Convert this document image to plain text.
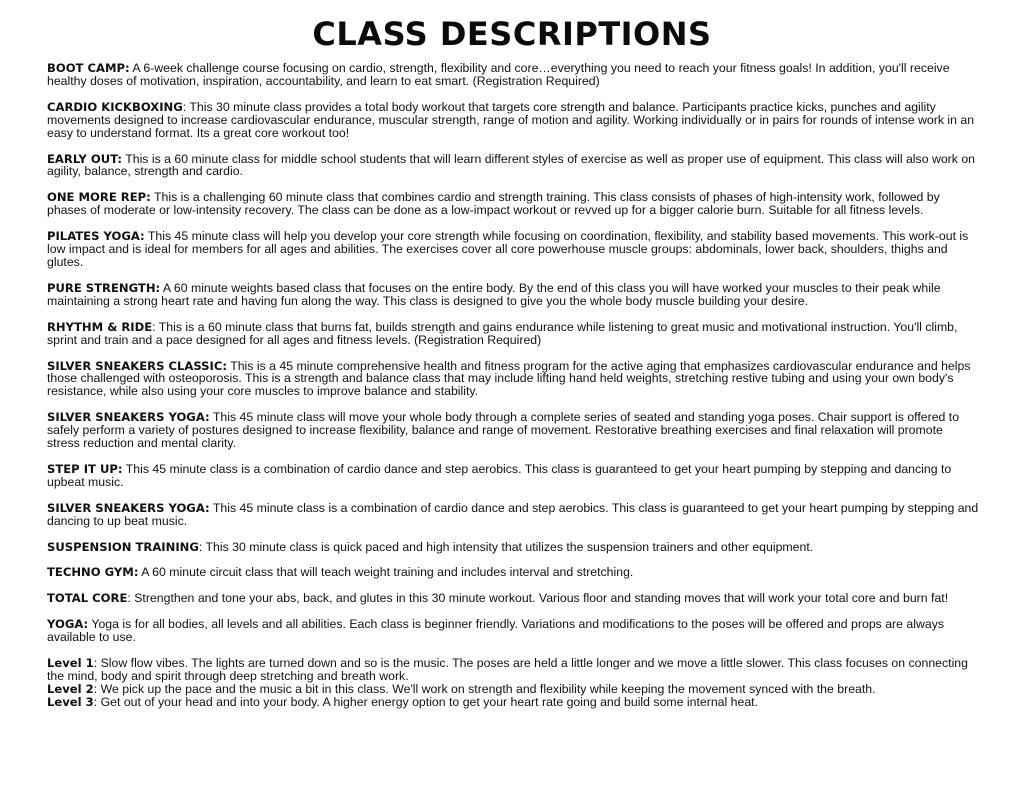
CLASS DESCRIPTIONS

BOOT CAMP: A 6-week challenge course focusing on cardio, strength, flexibility and core…everything you need to reach your fitness goals! In addition, you'll receive healthy doses of motivation, inspiration, accountability, and learn to eat smart. (Registration Required)

CARDIO KICKBOXING: This 30 minute class provides a total body workout that targets core strength and balance. Participants practice kicks, punches and agility movements designed to increase cardiovascular endurance, muscular strength, range of motion and agility. Working individually or in pairs for rounds of intense work in an easy to understand format. Its a great core workout too!

EARLY OUT: This is a 60 minute class for middle school students that will learn different styles of exercise as well as proper use of equipment. This class will also work on agility, balance, strength and cardio.

ONE MORE REP: This is a challenging 60 minute class that combines cardio and strength training. This class consists of phases of high-intensity work, followed by phases of moderate or low-intensity recovery. The class can be done as a low-impact workout or revved up for a bigger calorie burn. Suitable for all fitness levels.

PILATES YOGA: This 45 minute class will help you develop your core strength while focusing on coordination, flexibility, and stability based movements. This work-out is low impact and is ideal for members for all ages and abilities. The exercises cover all core powerhouse muscle groups: abdominals, lower back, shoulders, thighs and glutes.

PURE STRENGTH: A 60 minute weights based class that focuses on the entire body. By the end of this class you will have worked your muscles to their peak while maintaining a strong heart rate and having fun along the way. This class is designed to give you the whole body muscle building your desire.

RHYTHM & RIDE: This is a 60 minute class that burns fat, builds strength and gains endurance while listening to great music and motivational instruction. You'll climb, sprint and train and a pace designed for all ages and fitness levels. (Registration Required)

SILVER SNEAKERS CLASSIC: This is a 45 minute comprehensive health and fitness program for the active aging that emphasizes cardiovascular endurance and helps those challenged with osteoporosis. This is a strength and balance class that may include lifting hand held weights, stretching restive tubing and using your own body's resistance, while also using your core muscles to improve balance and stability.

SILVER SNEAKERS YOGA: This 45 minute class will move your whole body through a complete series of seated and standing yoga poses. Chair support is offered to safely perform a variety of postures designed to increase flexibility, balance and range of movement. Restorative breathing exercises and final relaxation will promote stress reduction and mental clarity.

STEP IT UP: This 45 minute class is a combination of cardio dance and step aerobics. This class is guaranteed to get your heart pumping by stepping and dancing to upbeat music.

SILVER SNEAKERS YOGA: This 45 minute class is a combination of cardio dance and step aerobics. This class is guaranteed to get your heart pumping by stepping and dancing to up beat music.

SUSPENSION TRAINING: This 30 minute class is quick paced and high intensity that utilizes the suspension trainers and other equipment.

TECHNO GYM: A 60 minute circuit class that will teach weight training and includes interval and stretching.

TOTAL CORE: Strengthen and tone your abs, back, and glutes in this 30 minute workout. Various floor and standing moves that will work your total core and burn fat!

YOGA: Yoga is for all bodies, all levels and all abilities. Each class is beginner friendly. Variations and modifications to the poses will be offered and props are always available to use.

Level 1: Slow flow vibes. The lights are turned down and so is the music. The poses are held a little longer and we move a little slower. This class focuses on connecting the mind, body and spirit through deep stretching and breath work.

Level 2: We pick up the pace and the music a bit in this class. We'll work on strength and flexibility while keeping the movement synced with the breath.

Level 3: Get out of your head and into your body. A higher energy option to get your heart rate going and build some internal heat.
